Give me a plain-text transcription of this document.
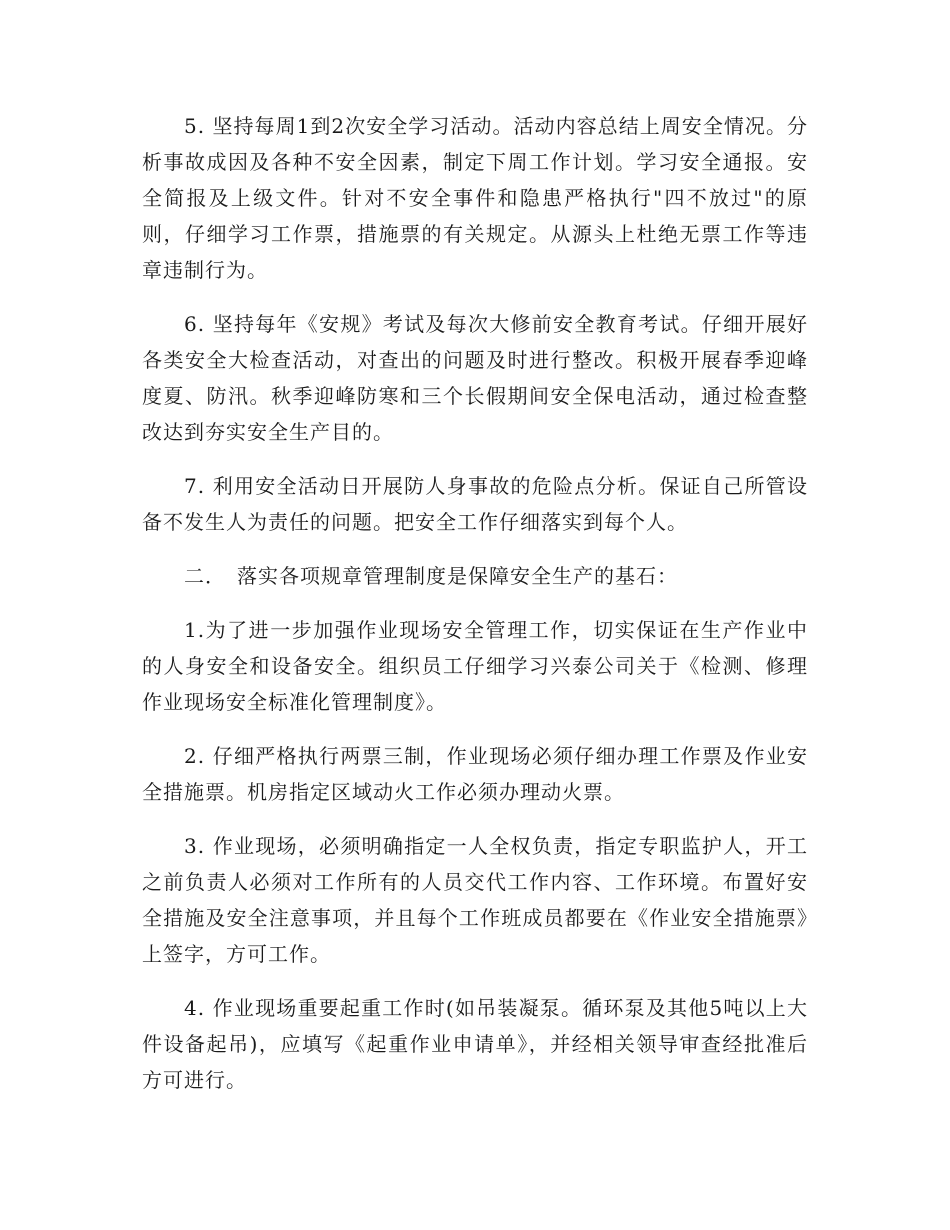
5. 坚持每周1到2次安全学习活动。活动内容总结上周安全情况。分析事故成因及各种不安全因素，制定下周工作计划。学习安全通报。安全简报及上级文件。针对不安全事件和隐患严格执行"四不放过"的原则，仔细学习工作票，措施票的有关规定。从源头上杜绝无票工作等违章违制行为。

6. 坚持每年《安规》考试及每次大修前安全教育考试。仔细开展好各类安全大检查活动，对查出的问题及时进行整改。积极开展春季迎峰度夏、防汛。秋季迎峰防寒和三个长假期间安全保电活动，通过检查整改达到夯实安全生产目的。

7. 利用安全活动日开展防人身事故的危险点分析。保证自己所管设备不发生人为责任的问题。把安全工作仔细落实到每个人。

二．　落实各项规章管理制度是保障安全生产的基石：

1.为了进一步加强作业现场安全管理工作，切实保证在生产作业中的人身安全和设备安全。组织员工仔细学习兴泰公司关于《检测、修理作业现场安全标准化管理制度》。

2. 仔细严格执行两票三制，作业现场必须仔细办理工作票及作业安全措施票。机房指定区域动火工作必须办理动火票。

3. 作业现场，必须明确指定一人全权负责，指定专职监护人，开工之前负责人必须对工作所有的人员交代工作内容、工作环境。布置好安全措施及安全注意事项，并且每个工作班成员都要在《作业安全措施票》上签字，方可工作。

4. 作业现场重要起重工作时(如吊装凝泵。循环泵及其他5吨以上大件设备起吊)，应填写《起重作业申请单》，并经相关领导审查经批准后方可进行。
